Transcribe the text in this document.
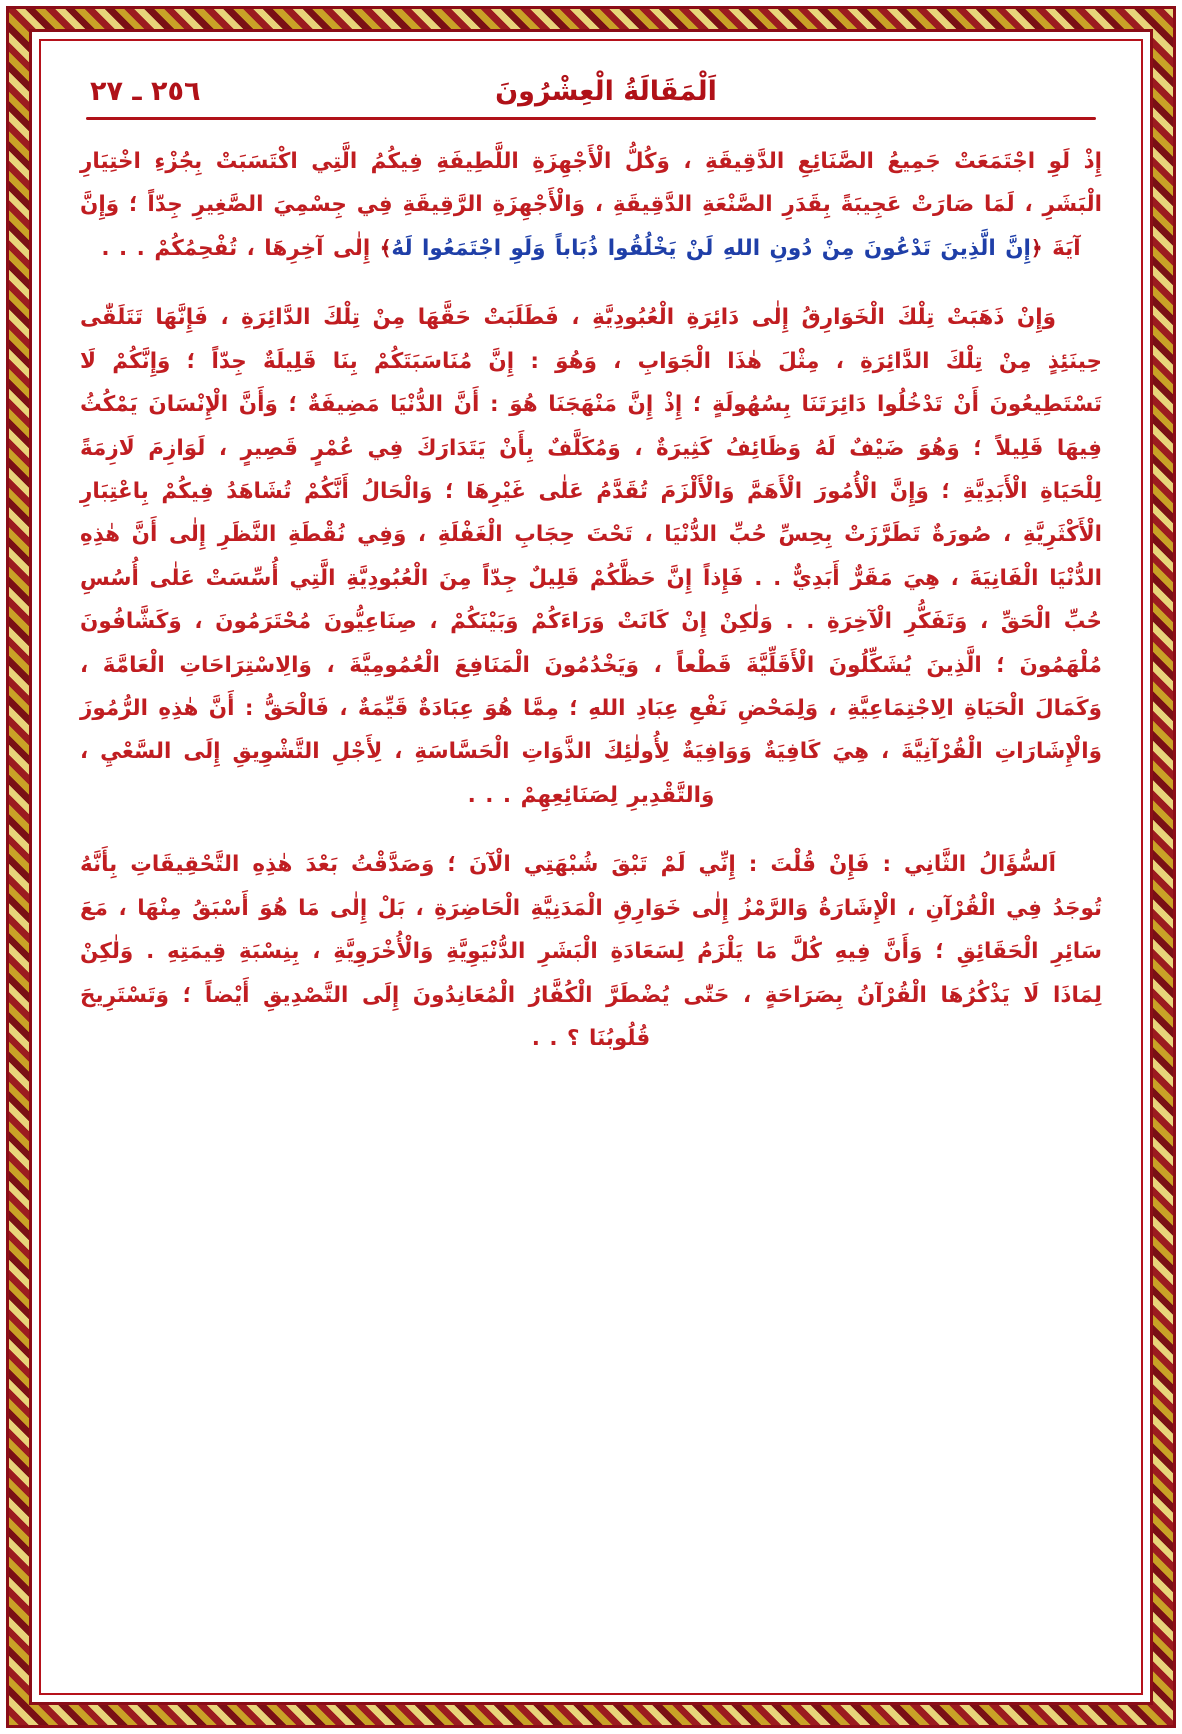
اَلْمَقَالَةُ الْعِشْرُونَ
٢٥٦ ـ ٢٧

إِذْ لَوِ اجْتَمَعَتْ جَمِيعُ الصَّنَائِعِ الدَّقِيقَةِ ، وَكُلُّ الْأَجْهِزَةِ اللَّطِيفَةِ فِيكُمُ الَّتِي اكْتَسَبَتْ بِجُزْءِ اخْتِيَارِ الْبَشَرِ ، لَمَا صَارَتْ عَجِيبَةً بِقَدَرِ الصَّنْعَةِ الدَّقِيقَةِ ، وَالْأَجْهِزَةِ الرَّقِيقَةِ فِي جِسْمِيَ الصَّغِيرِ جِدّاً ؛ وَإِنَّ آيَةَ ﴿إِنَّ الَّذِينَ تَدْعُونَ مِنْ دُونِ اللهِ لَنْ يَخْلُقُوا ذُبَاباً وَلَوِ اجْتَمَعُوا لَهُ﴾ إِلٰى آخِرِهَا ، تُفْحِمُكُمْ . . .

وَإِنْ ذَهَبَتْ تِلْكَ الْخَوَارِقُ إِلٰى دَائِرَةِ الْعُبُودِيَّةِ ، فَطَلَبَتْ حَقَّهَا مِنْ تِلْكَ الدَّائِرَةِ ، فَإِنَّهَا تَتَلَقّٰى حِينَئِذٍ مِنْ تِلْكَ الدَّائِرَةِ ، مِثْلَ هٰذَا الْجَوَابِ ، وَهُوَ : إِنَّ مُنَاسَبَتَكُمْ بِنَا قَلِيلَةٌ جِدّاً ؛ وَإِنَّكُمْ لَا تَسْتَطِيعُونَ أَنْ تَدْخُلُوا دَائِرَتَنَا بِسُهُولَةٍ ؛ إِذْ إِنَّ مَنْهَجَنَا هُوَ : أَنَّ الدُّنْيَا مَضِيفَةٌ ؛ وَأَنَّ الْإِنْسَانَ يَمْكُثُ فِيهَا قَلِيلاً ؛ وَهُوَ ضَيْفٌ لَهُ وَظَائِفُ كَثِيرَةٌ ، وَمُكَلَّفٌ بِأَنْ يَتَدَارَكَ فِي عُمْرٍ قَصِيرٍ ، لَوَازِمَ لَازِمَةً لِلْحَيَاةِ الْأَبَدِيَّةِ ؛ وَإِنَّ الْأُمُورَ الْأَهَمَّ وَالْأَلْزَمَ تُقَدَّمُ عَلٰى غَيْرِهَا ؛ وَالْحَالُ أَنَّكُمْ تُشَاهَدُ فِيكُمْ بِاعْتِبَارِ الْأَكْثَرِيَّةِ ، صُورَةٌ تَطَرَّزَتْ بِحِسِّ حُبِّ الدُّنْيَا ، تَحْتَ حِجَابِ الْغَفْلَةِ ، وَفِي نُقْطَةِ النَّظَرِ إِلٰى أَنَّ هٰذِهِ الدُّنْيَا الْفَانِيَةَ ، هِيَ مَقَرٌّ أَبَدِيٌّ . . فَإِذاً إِنَّ حَظَّكُمْ قَلِيلٌ جِدّاً مِنَ الْعُبُودِيَّةِ الَّتِي أُسِّسَتْ عَلٰى أُسُسِ حُبِّ الْحَقِّ ، وَتَفَكُّرِ الْآخِرَةِ . . وَلٰكِنْ إِنْ كَانَتْ وَرَاءَكُمْ وَبَيْنَكُمْ ، صِنَاعِيُّونَ مُحْتَرَمُونَ ، وَكَشَّافُونَ مُلْهَمُونَ ؛ الَّذِينَ يُشَكِّلُونَ الْأَقَلِّيَّةَ قَطْعاً ، وَيَخْدُمُونَ الْمَنَافِعَ الْعُمُومِيَّةَ ، وَالِاسْتِرَاحَاتِ الْعَامَّةَ ، وَكَمَالَ الْحَيَاةِ الِاجْتِمَاعِيَّةِ ، وَلِمَحْضِ نَفْعِ عِبَادِ اللهِ ؛ مِمَّا هُوَ عِبَادَةٌ قَيِّمَةٌ ، فَالْحَقُّ : أَنَّ هٰذِهِ الرُّمُوزَ وَالْإِشَارَاتِ الْقُرْآنِيَّةَ ، هِيَ كَافِيَةٌ وَوَافِيَةٌ لِأُولٰئِكَ الذَّوَاتِ الْحَسَّاسَةِ ، لِأَجْلِ التَّشْوِيقِ إِلَى السَّعْيِ ، وَالتَّقْدِيرِ لِصَنَائِعِهِمْ . . .

اَلسُّؤَالُ الثَّانِي : فَإِنْ قُلْتَ : إِنِّي لَمْ تَبْقَ شُبْهَتِي الْآنَ ؛ وَصَدَّقْتُ بَعْدَ هٰذِهِ التَّحْقِيقَاتِ بِأَنَّهُ تُوجَدُ فِي الْقُرْآنِ ، الْإِشَارَةُ وَالرَّمْزُ إِلٰى خَوَارِقِ الْمَدَنِيَّةِ الْحَاضِرَةِ ، بَلْ إِلٰى مَا هُوَ أَسْبَقُ مِنْهَا ، مَعَ سَائِرِ الْحَقَائِقِ ؛ وَأَنَّ فِيهِ كُلَّ مَا يَلْزَمُ لِسَعَادَةِ الْبَشَرِ الدُّنْيَوِيَّةِ وَالْأُخْرَوِيَّةِ ، بِنِسْبَةِ قِيمَتِهِ . وَلٰكِنْ لِمَاذَا لَا يَذْكُرُهَا الْقُرْآنُ بِصَرَاحَةٍ ، حَتّٰى يُضْطَرَّ الْكُفَّارُ الْمُعَانِدُونَ إِلَى التَّصْدِيقِ أَيْضاً ؛ وَتَسْتَرِيحَ قُلُوبُنَا ؟ . .
